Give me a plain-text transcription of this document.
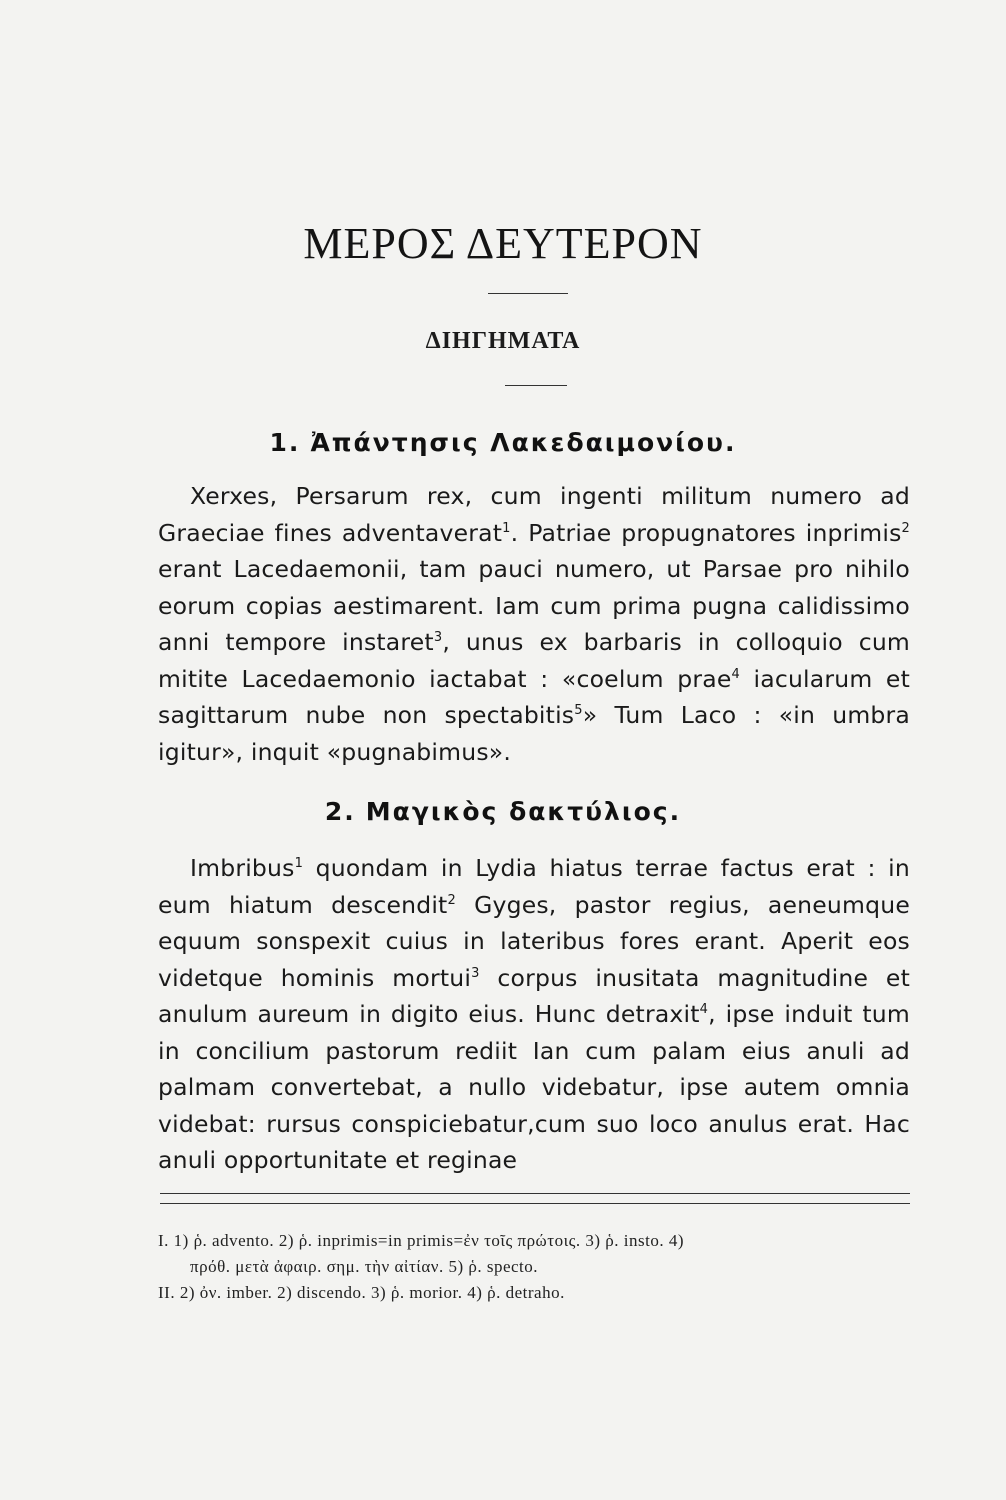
ΜΕΡΟΣ ΔΕΥΤΕΡΟΝ
ΔΙΗΓΗΜΑΤΑ
1. Ἀπάντησις Λακεδαιμονίου.

Xerxes, Persarum rex, cum ingenti militum numero ad Graeciae fines adventaverat$^1$. Patriae propugnatores inprimis$^2$ erant Lacedaemonii, tam pauci numero, ut Parsae pro nihilo eorum copias aestimarent. Iam cum prima pugna calidissimo anni tempore instaret$^3$, unus ex barbaris in colloquio cum mitite Lacedaemonio iactabat : «coelum prae$^4$ iacularum et sagittarum nube non spectabitis$^5$» Tum Laco : «in umbra igitur», inquit «pugnabimus».

2. Μαγικὸς δακτύλιος.

Imbribus$^1$ quondam in Lydia hiatus terrae factus erat : in eum hiatum descendit$^2$ Gyges, pastor regius, aeneumque equum sonspexit cuius in lateribus fores erant. Aperit eos videtque hominis mortui$^3$ corpus inusitata magnitudine et anulum aureum in digito eius. Hunc detraxit$^4$, ipse induit tum in concilium pastorum rediit Ian cum palam eius anuli ad palmam convertebat, a nullo videbatur, ipse autem omnia videbat: rursus conspiciebatur,cum suo loco anulus erat. Hac anuli opportunitate et reginae

I. 1) ῥ. advento. 2) ῥ. inprimis=in primis=ἐν τοῖς πρώτοις. 3) ῥ. insto. 4)

πρόθ. μετὰ ἀφαιρ. σημ. τὴν αἰτίαν. 5) ῥ. specto.

II. 2) ὀν. imber. 2) discendo. 3) ῥ. morior. 4) ῥ. detraho.
